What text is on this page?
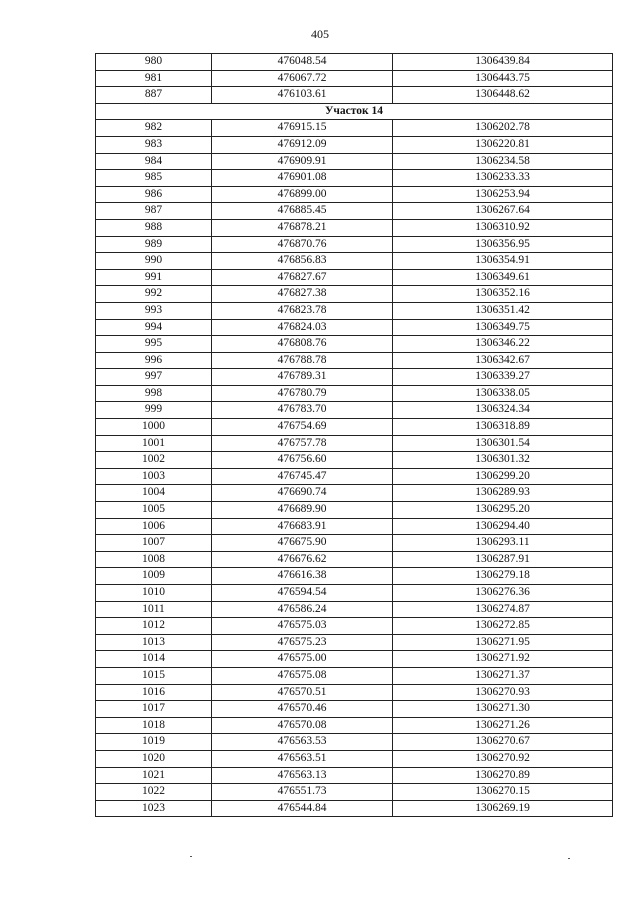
405
980	476048.54	1306439.84
981	476067.72	1306443.75
887	476103.61	1306448.62
Участок 14		
982	476915.15	1306202.78
983	476912.09	1306220.81
984	476909.91	1306234.58
985	476901.08	1306233.33
986	476899.00	1306253.94
987	476885.45	1306267.64
988	476878.21	1306310.92
989	476870.76	1306356.95
990	476856.83	1306354.91
991	476827.67	1306349.61
992	476827.38	1306352.16
993	476823.78	1306351.42
994	476824.03	1306349.75
995	476808.76	1306346.22
996	476788.78	1306342.67
997	476789.31	1306339.27
998	476780.79	1306338.05
999	476783.70	1306324.34
1000	476754.69	1306318.89
1001	476757.78	1306301.54
1002	476756.60	1306301.32
1003	476745.47	1306299.20
1004	476690.74	1306289.93
1005	476689.90	1306295.20
1006	476683.91	1306294.40
1007	476675.90	1306293.11
1008	476676.62	1306287.91
1009	476616.38	1306279.18
1010	476594.54	1306276.36
1011	476586.24	1306274.87
1012	476575.03	1306272.85
1013	476575.23	1306271.95
1014	476575.00	1306271.92
1015	476575.08	1306271.37
1016	476570.51	1306270.93
1017	476570.46	1306271.30
1018	476570.08	1306271.26
1019	476563.53	1306270.67
1020	476563.51	1306270.92
1021	476563.13	1306270.89
1022	476551.73	1306270.15
1023	476544.84	1306269.19
